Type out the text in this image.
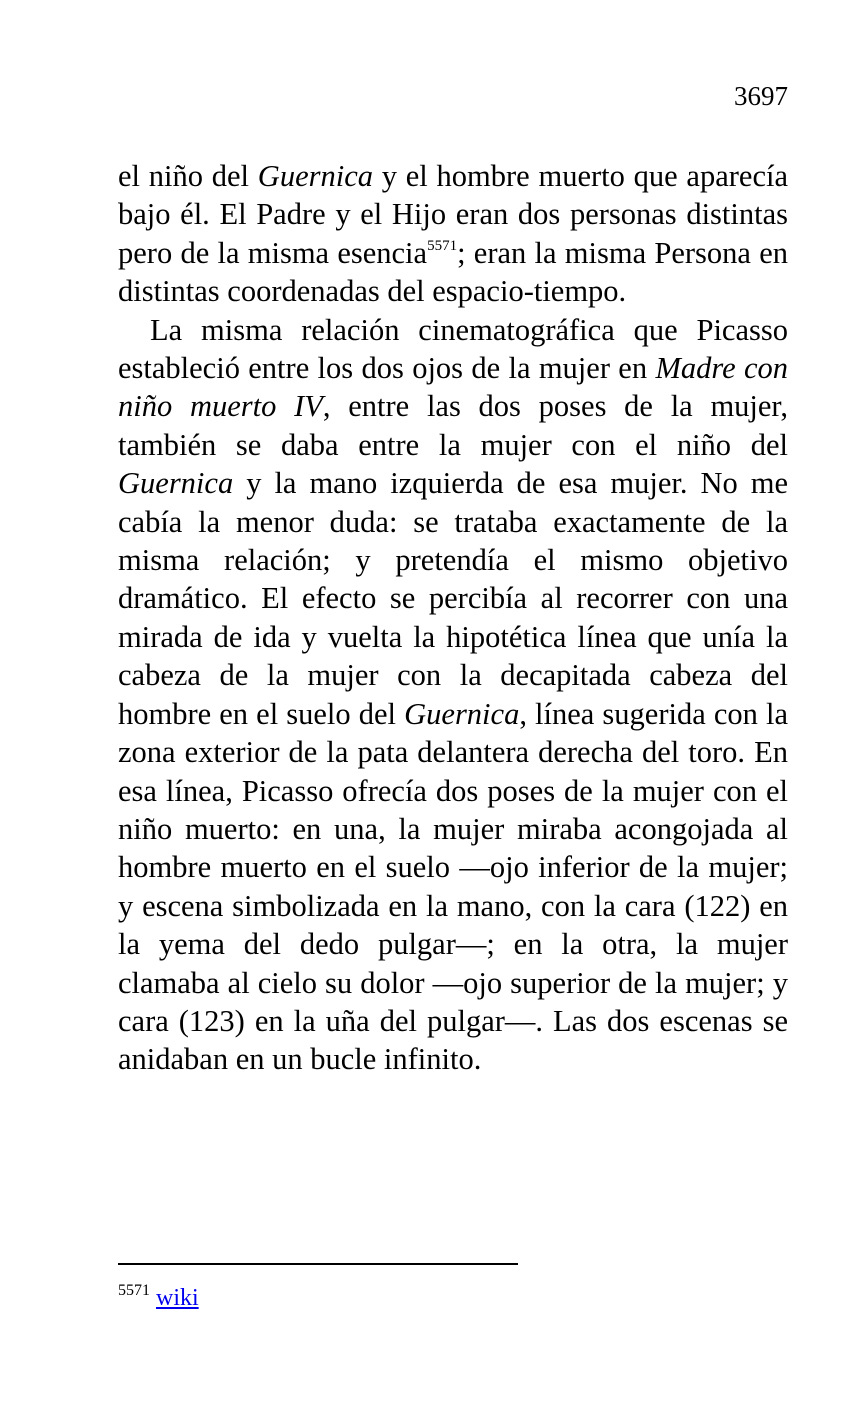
3697

el niño del Guernica y el hombre muerto que aparecía bajo él. El Padre y el Hijo eran dos personas distintas pero de la misma esencia$^{5571}$; eran la misma Persona en distintas coordenadas del espacio-tiempo.

La misma relación cinematográfica que Picasso estableció entre los dos ojos de la mujer en Madre con niño muerto IV, entre las dos poses de la mujer, también se daba entre la mujer con el niño del Guernica y la mano izquierda de esa mujer. No me cabía la menor duda: se trataba exactamente de la misma relación; y pretendía el mismo objetivo dramático. El efecto se percibía al recorrer con una mirada de ida y vuelta la hipotética línea que unía la cabeza de la mujer con la decapitada cabeza del hombre en el suelo del Guernica, línea sugerida con la zona exterior de la pata delantera derecha del toro. En esa línea, Picasso ofrecía dos poses de la mujer con el niño muerto: en una, la mujer miraba acongojada al hombre muerto en el suelo —ojo inferior de la mujer; y escena simbolizada en la mano, con la cara (122) en la yema del dedo pulgar—; en la otra, la mujer clamaba al cielo su dolor —ojo superior de la mujer; y cara (123) en la uña del pulgar—. Las dos escenas se anidaban en un bucle infinito.

$^{5571}$ wiki
